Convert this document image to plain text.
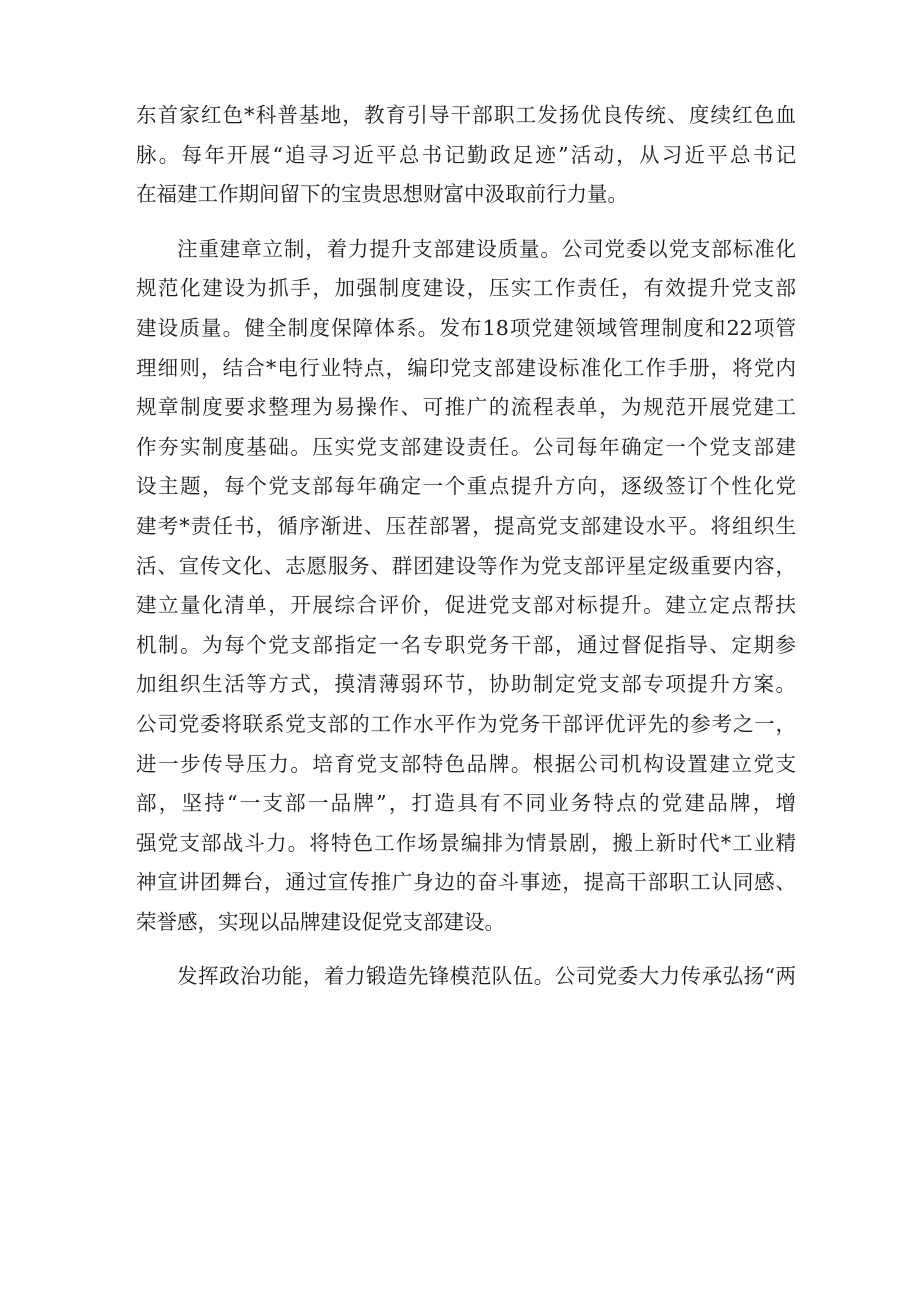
东首家红色*科普基地，教育引导干部职工发扬优良传统、度续红色血
脉。每年开展“追寻习近平总书记勤政足迹”活动，从习近平总书记
在福建工作期间留下的宝贵思想财富中汲取前行力量。
注重建章立制，着力提升支部建设质量。公司党委以党支部标准化
规范化建设为抓手，加强制度建设，压实工作责任，有效提升党支部
建设质量。健全制度保障体系。发布18项党建领域管理制度和22项管
理细则，结合*电行业特点，编印党支部建设标准化工作手册，将党内
规章制度要求整理为易操作、可推广的流程表单，为规范开展党建工
作夯实制度基础。压实党支部建设责任。公司每年确定一个党支部建
设主题，每个党支部每年确定一个重点提升方向，逐级签订个性化党
建考*责任书，循序渐进、压茬部署，提高党支部建设水平。将组织生
活、宣传文化、志愿服务、群团建设等作为党支部评星定级重要内容，
建立量化清单，开展综合评价，促进党支部对标提升。建立定点帮扶
机制。为每个党支部指定一名专职党务干部，通过督促指导、定期参
加组织生活等方式，摸清薄弱环节，协助制定党支部专项提升方案。
公司党委将联系党支部的工作水平作为党务干部评优评先的参考之一，
进一步传导压力。培育党支部特色品牌。根据公司机构设置建立党支
部，坚持“一支部一品牌”，打造具有不同业务特点的党建品牌，增
强党支部战斗力。将特色工作场景编排为情景剧，搬上新时代*工业精
神宣讲团舞台，通过宣传推广身边的奋斗事迹，提高干部职工认同感、
荣誉感，实现以品牌建设促党支部建设。
发挥政治功能，着力锻造先锋模范队伍。公司党委大力传承弘扬“两
